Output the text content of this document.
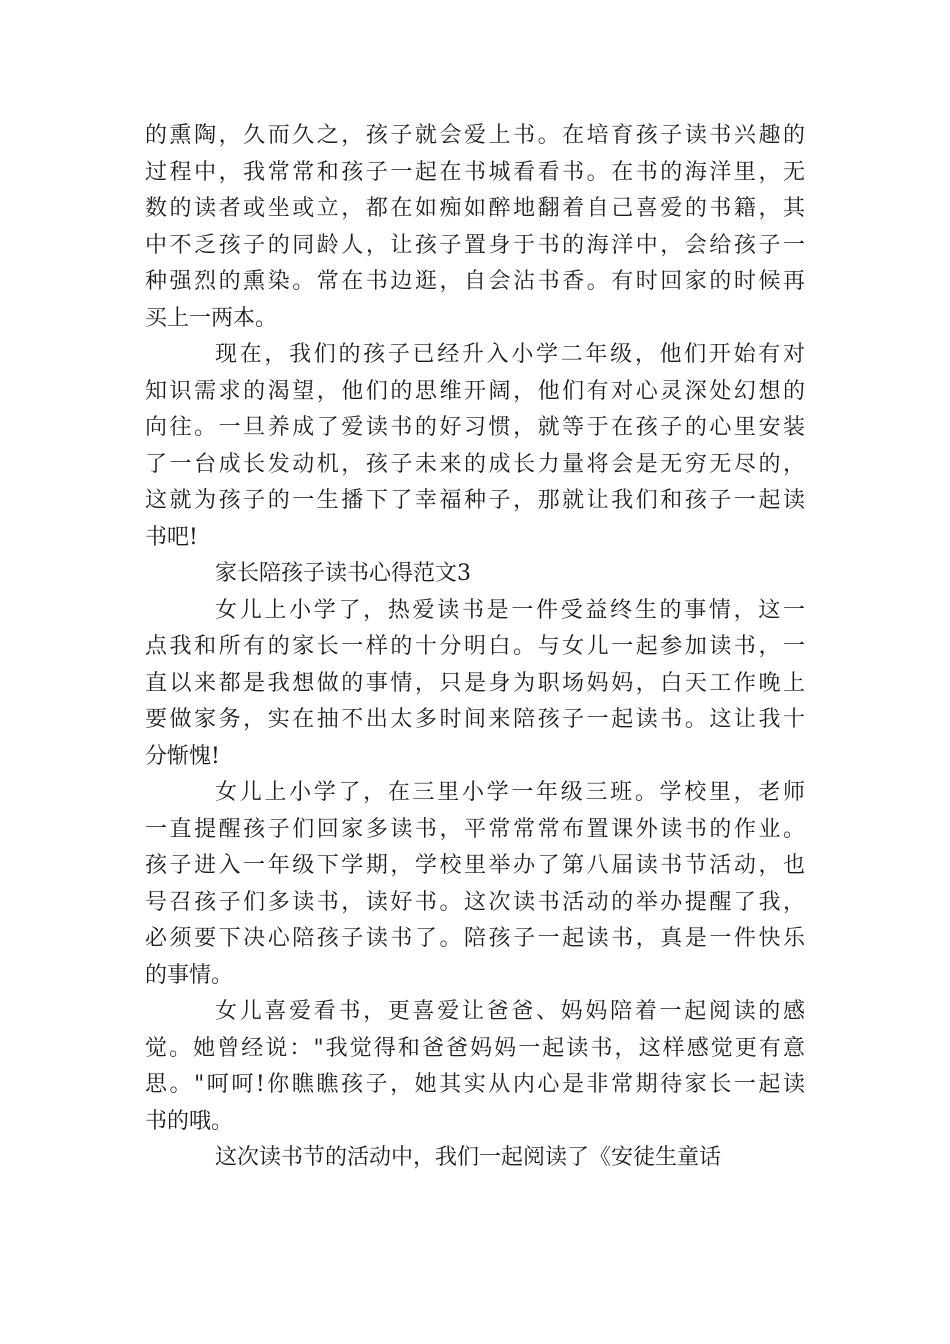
的熏陶，久而久之，孩子就会爱上书。在培育孩子读书兴趣的
过程中，我常常和孩子一起在书城看看书。在书的海洋里，无
数的读者或坐或立，都在如痴如醉地翻着自己喜爱的书籍，其
中不乏孩子的同龄人，让孩子置身于书的海洋中，会给孩子一
种强烈的熏染。常在书边逛，自会沾书香。有时回家的时候再
买上一两本。

现在，我们的孩子已经升入小学二年级，他们开始有对
知识需求的渴望，他们的思维开阔，他们有对心灵深处幻想的
向往。一旦养成了爱读书的好习惯，就等于在孩子的心里安装
了一台成长发动机，孩子未来的成长力量将会是无穷无尽的，
这就为孩子的一生播下了幸福种子，那就让我们和孩子一起读
书吧!

家长陪孩子读书心得范文3

女儿上小学了，热爱读书是一件受益终生的事情，这一
点我和所有的家长一样的十分明白。与女儿一起参加读书，一
直以来都是我想做的事情，只是身为职场妈妈，白天工作晚上
要做家务，实在抽不出太多时间来陪孩子一起读书。这让我十
分惭愧!

女儿上小学了，在三里小学一年级三班。学校里，老师
一直提醒孩子们回家多读书，平常常常布置课外读书的作业。
孩子进入一年级下学期，学校里举办了第八届读书节活动，也
号召孩子们多读书，读好书。这次读书活动的举办提醒了我，
必须要下决心陪孩子读书了。陪孩子一起读书，真是一件快乐
的事情。

女儿喜爱看书，更喜爱让爸爸、妈妈陪着一起阅读的感
觉。她曾经说："我觉得和爸爸妈妈一起读书，这样感觉更有意
思。"呵呵!你瞧瞧孩子，她其实从内心是非常期待家长一起读
书的哦。

这次读书节的活动中，我们一起阅读了《安徒生童话
